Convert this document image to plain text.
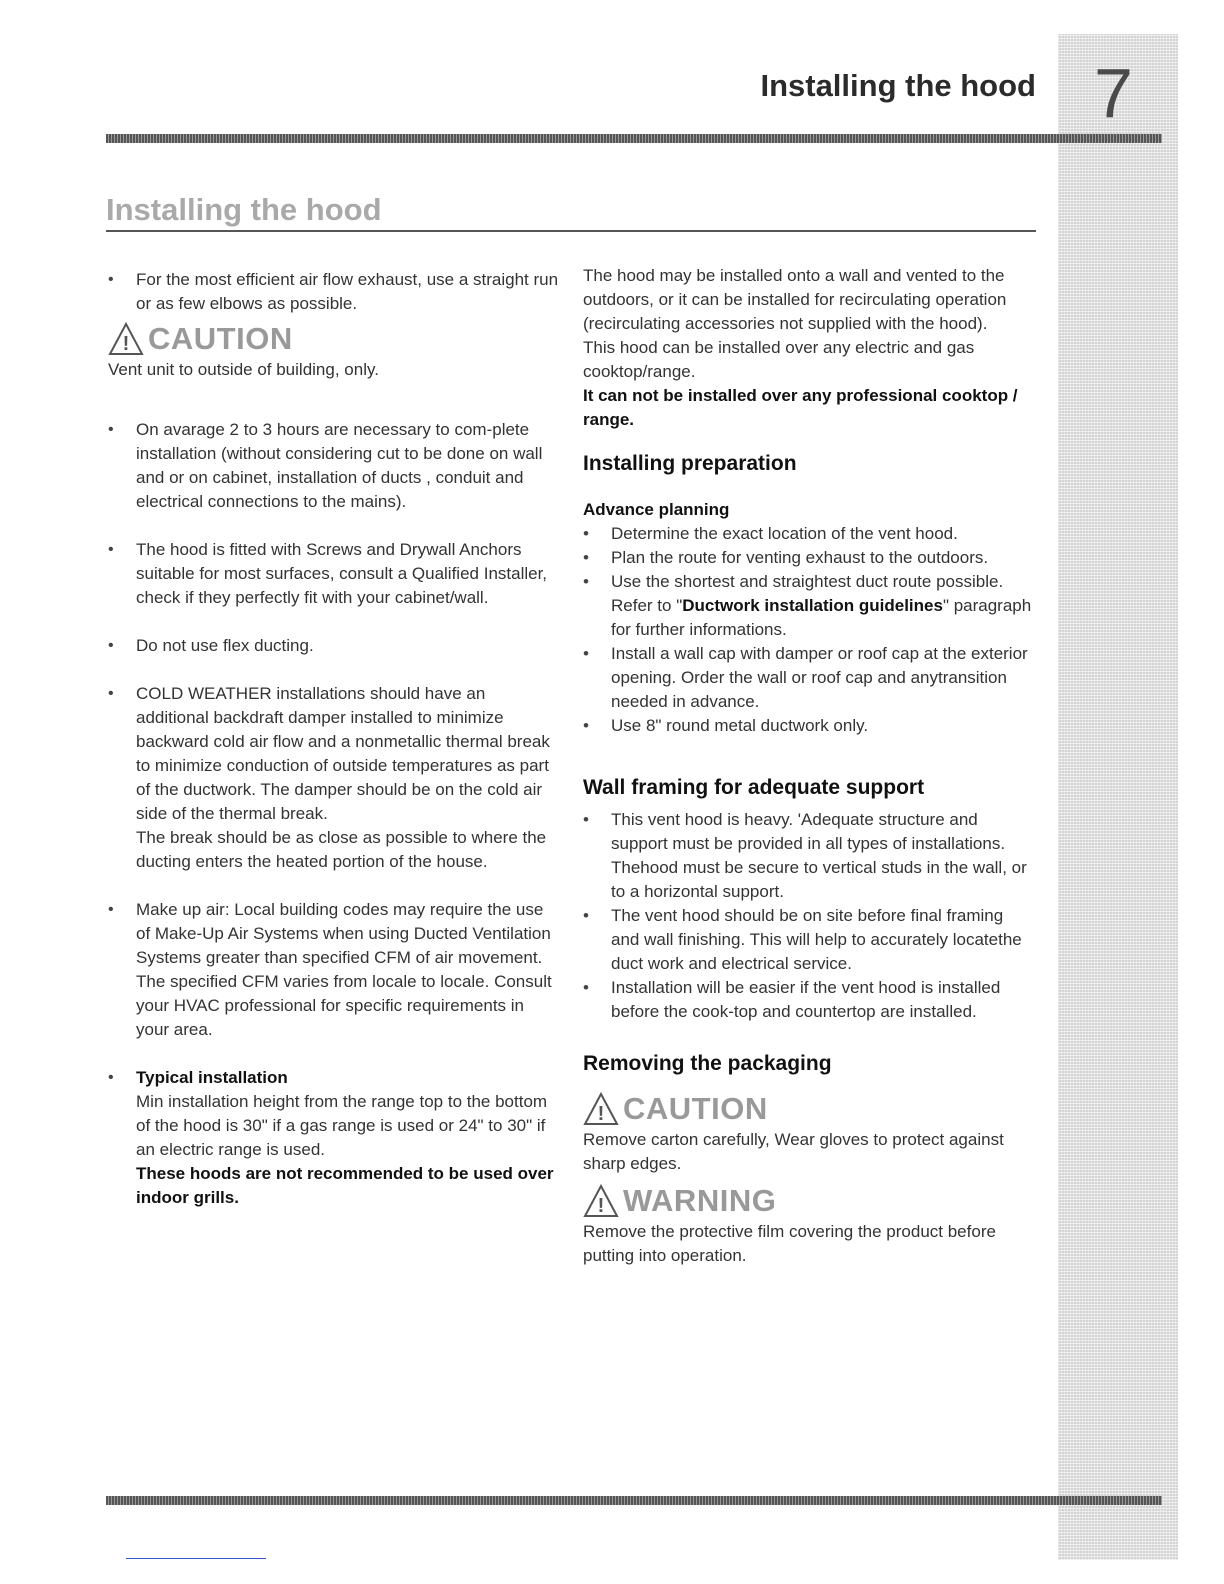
7
Installing the hood
Installing the hood
• For the most efficient air flow exhaust, use a straight run or as few elbows as possible.
! CAUTION

Vent unit to outside of building, only.

• On avarage 2 to 3 hours are necessary to com-plete installation (without considering cut to be done on wall and or on cabinet, installation of ducts , conduit and electrical connections to the mains).
• The hood is fitted with Screws and Drywall Anchors suitable for most surfaces, consult a Qualified Installer, check if they perfectly fit with your cabinet/wall.
• Do not use flex ducting.
• COLD WEATHER installations should have an additional backdraft damper installed to minimize backward cold air flow and a nonmetallic thermal break to minimize conduction of outside temperatures as part of the ductwork. The damper should be on the cold air side of the thermal break.
The break should be as close as possible to where the ducting enters the heated portion of the house.
• Make up air: Local building codes may require the use of Make-Up Air Systems when using Ducted Ventilation Systems greater than specified CFM of air movement.
The specified CFM varies from locale to locale. Consult your HVAC professional for specific requirements in your area.
• Typical installation
Min installation height from the range top to the bottom of the hood is 30" if a gas range is used or 24" to 30" if an electric range is used.
These hoods are not recommended to be used over indoor grills.

The hood may be installed onto a wall and vented to the outdoors, or it can be installed for recirculating operation (recirculating accessories not supplied with the hood).

This hood can be installed over any electric and gas cooktop/range.

It can not be installed over any professional cooktop / range.

Installing preparation

Advance planning

• Determine the exact location of the vent hood.
• Plan the route for venting exhaust to the outdoors.
• Use the shortest and straightest duct route possible.
Refer to "Ductwork installation guidelines" paragraph for further informations.
• Install a wall cap with damper or roof cap at the exterior opening. Order the wall or roof cap and anytransition needed in advance.
• Use 8" round metal ductwork only.
Wall framing for adequate support
• This vent hood is heavy. 'Adequate structure and support must be provided in all types of installations. Thehood must be secure to vertical studs in the wall, or to a horizontal support.
• The vent hood should be on site before final framing and wall finishing. This will help to accurately locatethe duct work and electrical service.
• Installation will be easier if the vent hood is installed before the cook-top and countertop are installed.
Removing the packaging
! CAUTION

Remove carton carefully, Wear gloves to protect against sharp edges.

! WARNING

Remove the protective film covering the product before putting into operation.
